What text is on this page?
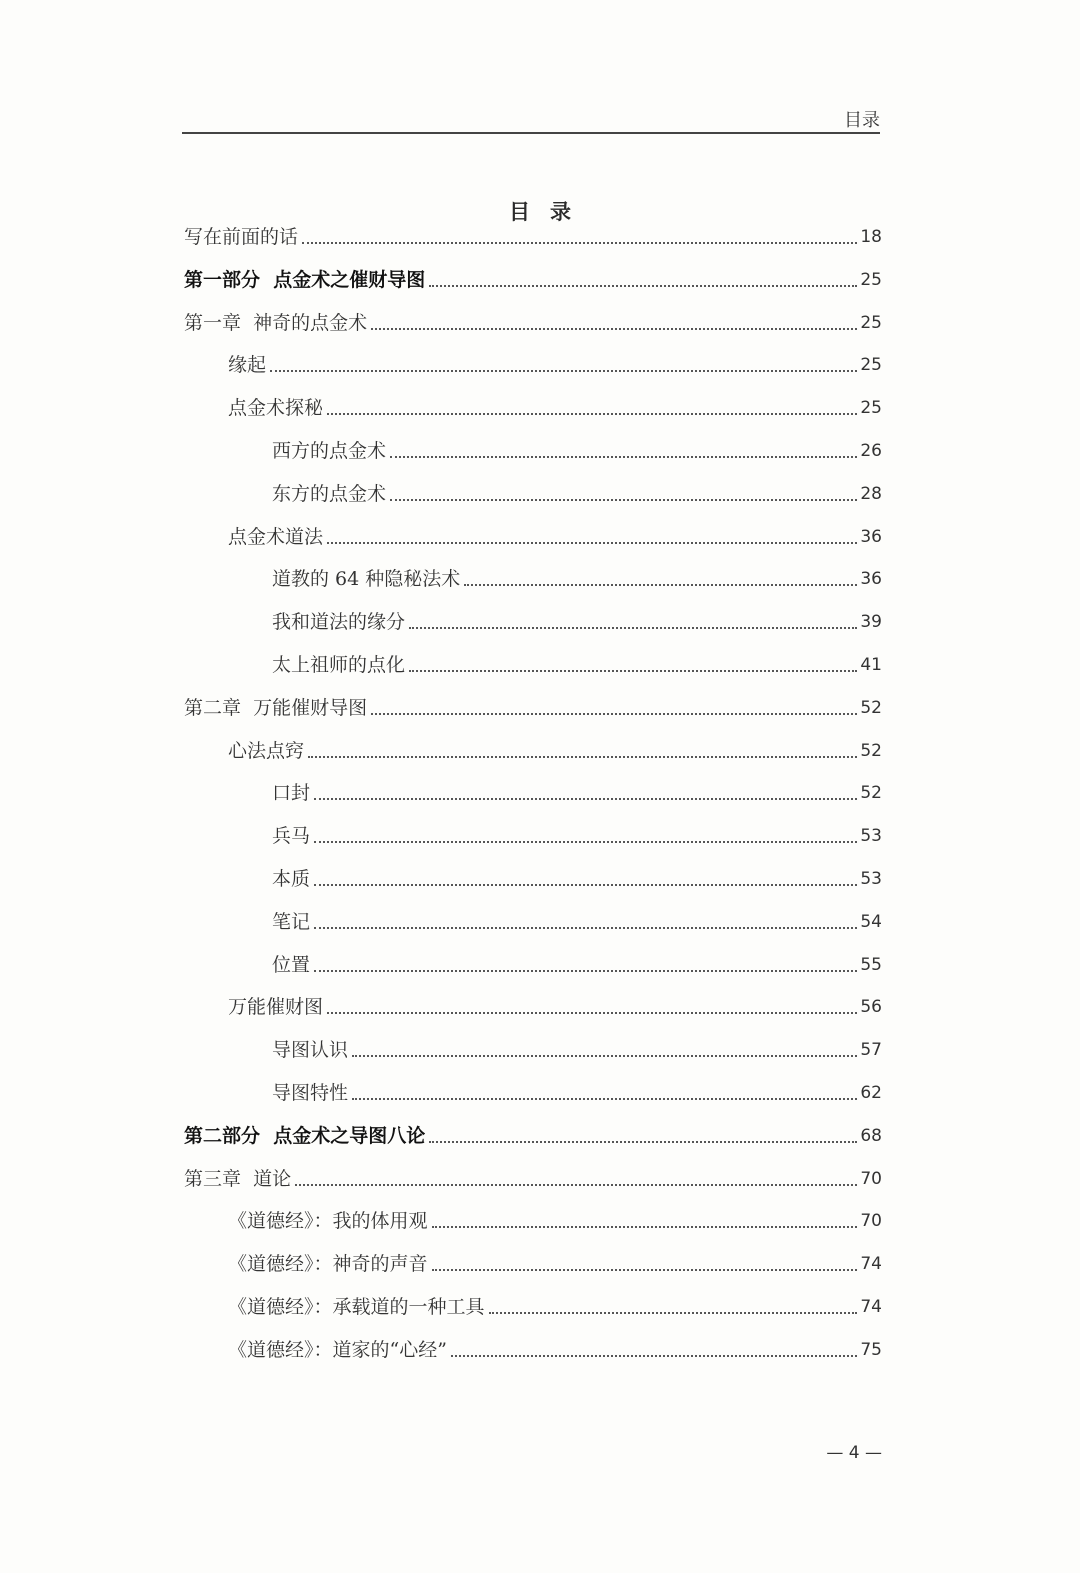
目录
目录
写在前面的话	18
第一部分  点金术之催财导图	25
第一章  神奇的点金术	25
缘起	25
点金术探秘	25
西方的点金术	26
东方的点金术	28
点金术道法	36
道教的 64 种隐秘法术	36
我和道法的缘分	39
太上祖师的点化	41
第二章  万能催财导图	52
心法点窍	52
口封	52
兵马	53
本质	53
笔记	54
位置	55
万能催财图	56
导图认识	57
导图特性	62
第二部分  点金术之导图八论	68
第三章  道论	70
《道德经》：我的体用观	70
《道德经》：神奇的声音	74
《道德经》：承载道的一种工具	74
《道德经》：道家的“心经”	75
— 4 —
